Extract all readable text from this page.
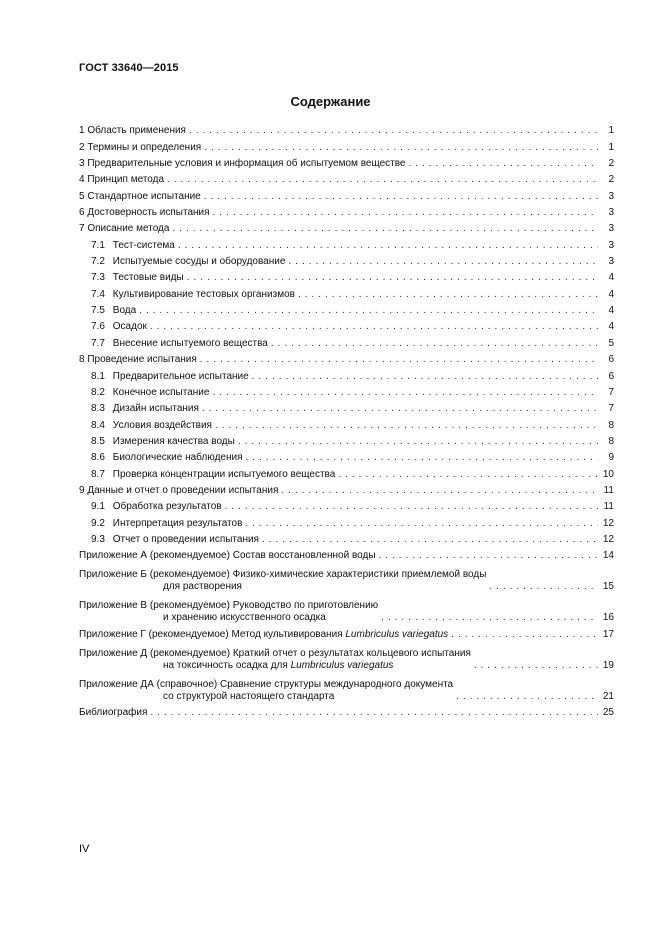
ГОСТ 33640—2015
Содержание
1 Область применения . . .	1
2 Термины и определения . . .	1
3 Предварительные условия и информация об испытуемом веществе . . .	2
4 Принцип метода . . .	2
5 Стандартное испытание . . .	3
6 Достоверность испытания . . .	3
7 Описание метода . . .	3
7.1 Тест-система . . .	3
7.2 Испытуемые сосуды и оборудование . . .	3
7.3 Тестовые виды . . .	4
7.4 Культивирование тестовых организмов . . .	4
7.5 Вода . . .	4
7.6 Осадок . . .	4
7.7 Внесение испытуемого вещества . . .	5
8 Проведение испытания . . .	6
8.1 Предварительное испытание . . .	6
8.2 Конечное испытание . . .	7
8.3 Дизайн испытания . . .	7
8.4 Условия воздействия . . .	8
8.5 Измерения качества воды . . .	8
8.6 Биологические наблюдения . . .	9
8.7 Проверка концентрации испытуемого вещества . . .	10
9 Данные и отчет о проведении испытания . . .	11
9.1 Обработка результатов . . .	11
9.2 Интерпретация результатов . . .	12
9.3 Отчет о проведении испытания . . .	12
Приложение А (рекомендуемое) Состав восстановленной воды . . .	14
Приложение Б (рекомендуемое) Физико-химические характеристики приемлемой воды
для растворения . . .	15
Приложение В (рекомендуемое) Руководство по приготовлению
и хранению искусственного осадка . . .	16
Приложение Г (рекомендуемое) Метод культивирования Lumbriculus variegatus . . .	17
Приложение Д (рекомендуемое) Краткий отчет о результатах кольцевого испытания
на токсичность осадка для Lumbriculus variegatus . . .	19
Приложение ДА (справочное) Сравнение структуры международного документа
со структурой настоящего стандарта . . .	21
Библиография . . .	25
IV
